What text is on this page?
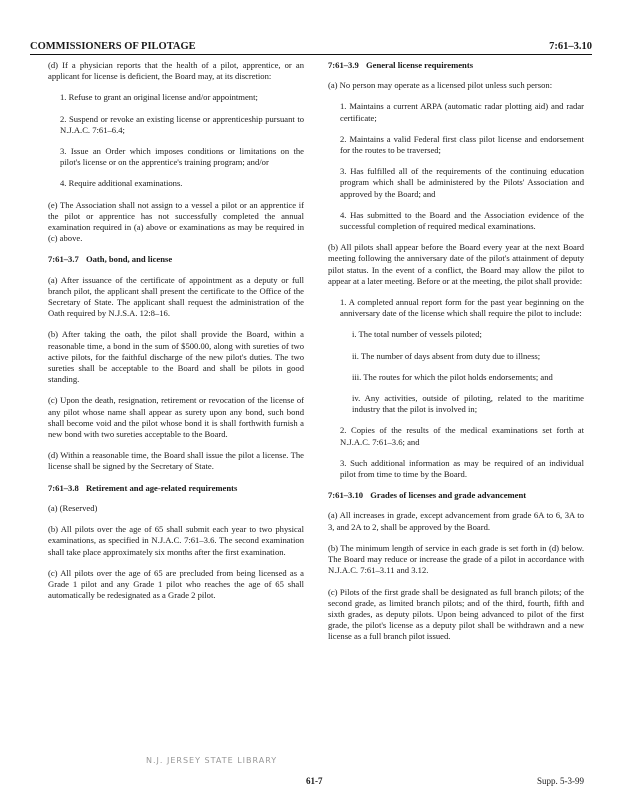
COMMISSIONERS OF PILOTAGE	7:61–3.10

(d) If a physician reports that the health of a pilot, apprentice, or an applicant for license is deficient, the Board may, at its discretion:

1. Refuse to grant an original license and/or appointment;

2. Suspend or revoke an existing license or apprenticeship pursuant to N.J.A.C. 7:61–6.4;

3. Issue an Order which imposes conditions or limitations on the pilot's license or on the apprentice's training program; and/or

4. Require additional examinations.

(e) The Association shall not assign to a vessel a pilot or an apprentice if the pilot or apprentice has not successfully completed the annual examination required in (a) above or examinations as may be required in (c) above.

7:61–3.7 Oath, bond, and license

(a) After issuance of the certificate of appointment as a deputy or full branch pilot, the applicant shall present the certificate to the Office of the Secretary of State. The applicant shall request the administration of the Oath required by N.J.S.A. 12:8–16.

(b) After taking the oath, the pilot shall provide the Board, within a reasonable time, a bond in the sum of $500.00, along with sureties of two active pilots, for the faithful discharge of the new pilot's duties. The two sureties shall be acceptable to the Board and shall be pilots in good standing.

(c) Upon the death, resignation, retirement or revocation of the license of any pilot whose name shall appear as surety upon any bond, such bond shall become void and the pilot whose bond it is shall forthwith furnish a new bond with two sureties acceptable to the Board.

(d) Within a reasonable time, the Board shall issue the pilot a license. The license shall be signed by the Secretary of State.

7:61–3.8 Retirement and age-related requirements

(a) (Reserved)

(b) All pilots over the age of 65 shall submit each year to two physical examinations, as specified in N.J.A.C. 7:61–3.6. The second examination shall take place approximately six months after the first examination.

(c) All pilots over the age of 65 are precluded from being licensed as a Grade 1 pilot and any Grade 1 pilot who reaches the age of 65 shall automatically be redesignated as a Grade 2 pilot.

7:61–3.9 General license requirements

(a) No person may operate as a licensed pilot unless such person:

1. Maintains a current ARPA (automatic radar plotting aid) and radar certificate;

2. Maintains a valid Federal first class pilot license and endorsement for the routes to be traversed;

3. Has fulfilled all of the requirements of the continuing education program which shall be administered by the Pilots' Association and approved by the Board; and

4. Has submitted to the Board and the Association evidence of the successful completion of required medical examinations.

(b) All pilots shall appear before the Board every year at the next Board meeting following the anniversary date of the pilot's attainment of deputy pilot status. In the event of a conflict, the Board may allow the pilot to appear at a later meeting. Before or at the meeting, the pilot shall provide:

1. A completed annual report form for the past year beginning on the anniversary date of the license which shall require the pilot to include:

i. The total number of vessels piloted;

ii. The number of days absent from duty due to illness;

iii. The routes for which the pilot holds endorsements; and

iv. Any activities, outside of piloting, related to the maritime industry that the pilot is involved in;

2. Copies of the results of the medical examinations set forth at N.J.A.C. 7:61–3.6; and

3. Such additional information as may be required of an individual pilot from time to time by the Board.

7:61–3.10 Grades of licenses and grade advancement

(a) All increases in grade, except advancement from grade 6A to 6, 3A to 3, and 2A to 2, shall be approved by the Board.

(b) The minimum length of service in each grade is set forth in (d) below. The Board may reduce or increase the grade of a pilot in accordance with N.J.A.C. 7:61–3.11 and 3.12.

(c) Pilots of the first grade shall be designated as full branch pilots; of the second grade, as limited branch pilots; and of the third, fourth, fifth and sixth grades, as deputy pilots. Upon being advanced to pilot of the first grade, the pilot's license as a deputy pilot shall be withdrawn and a new license as a full branch pilot issued.

N.J. JERSEY STATE LIBRARY
61-7	Supp. 5-3-99
